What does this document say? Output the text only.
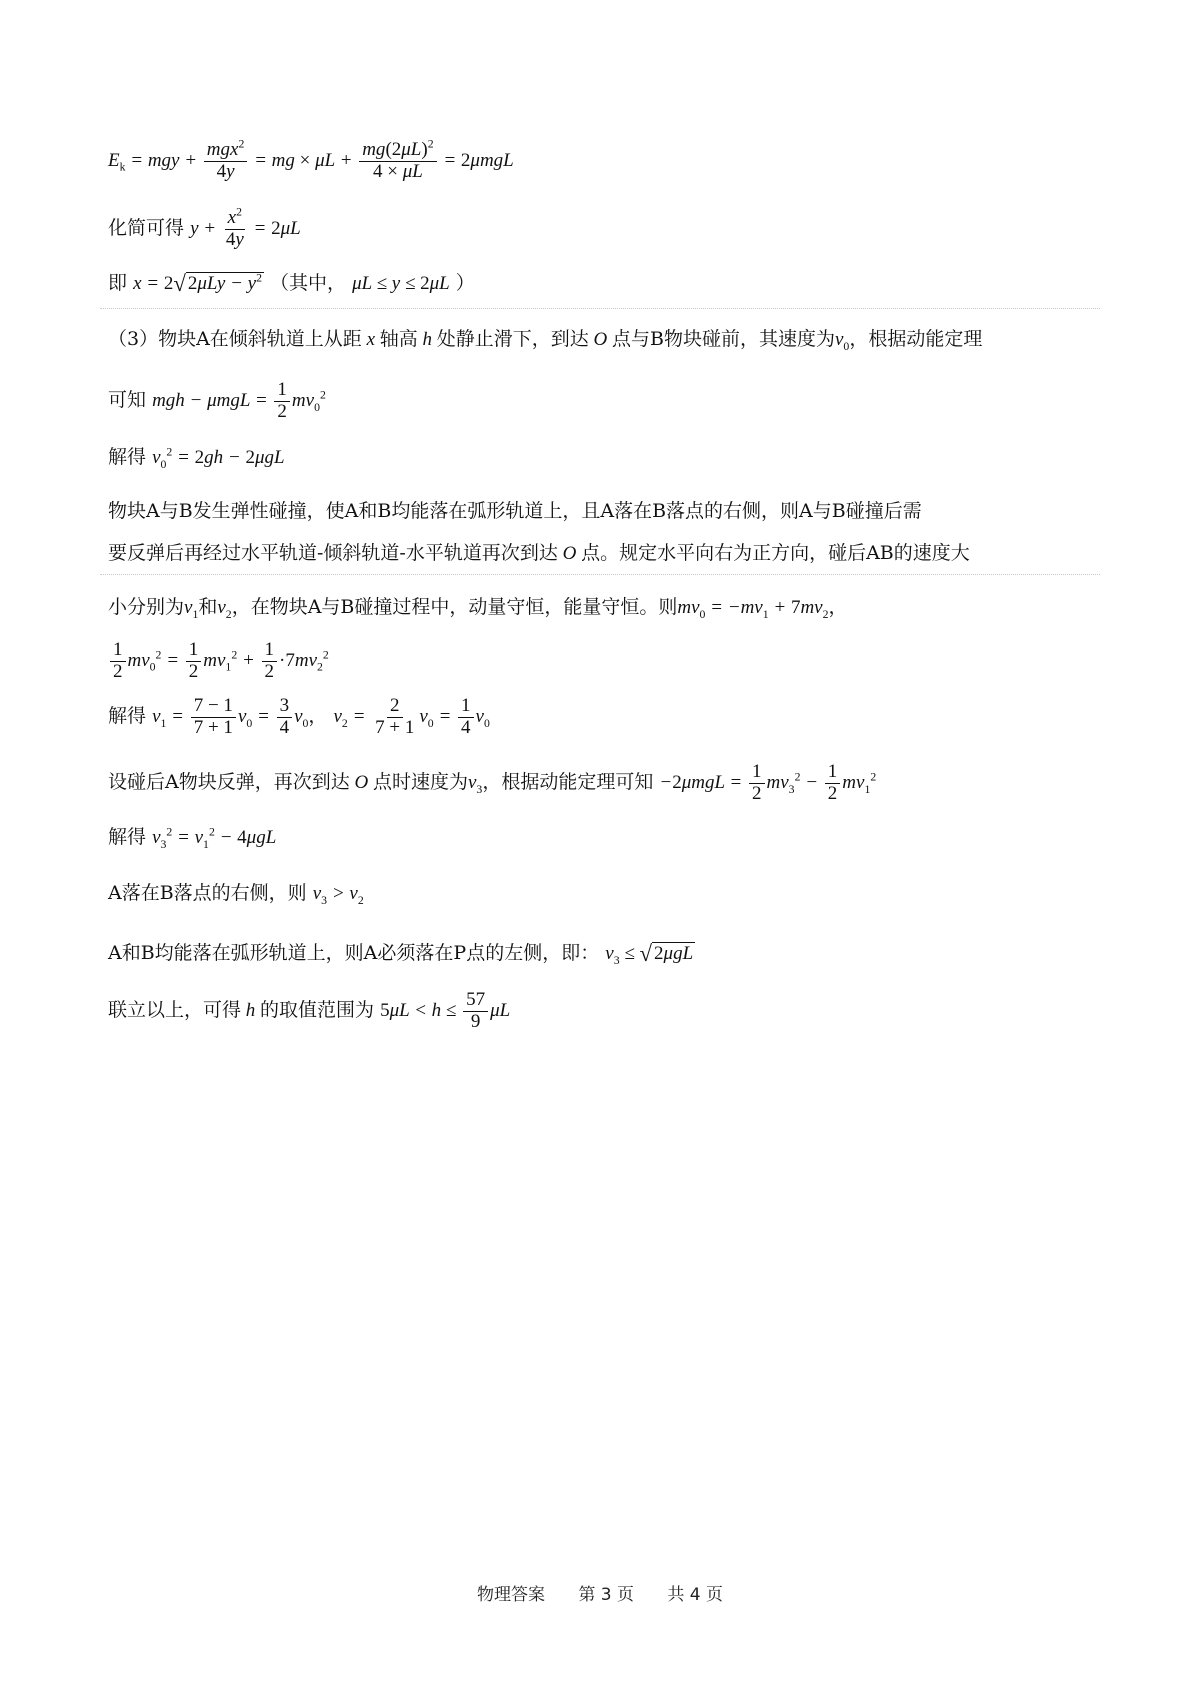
$E_k$ = mgy + $\frac{mgx^2}{4y}$ = mg × $\mu L + \frac{mg(2\mu L)^2}{4 \times \mu L} = 2\mu mgL$
化简可得 $y + \frac{x^2}{4y} = 2\mu L$
即 x = 2√ $2\mu Ly - y^2$ （其中， μL ≤ y ≤ 2μL ）
（3）物块A在倾斜轨道上从距 x 轴高 h 处静止滑下，到达 O 点与B物块碰前，其速度为$v_0$，根据动能定理
可知 mgh − $\mu mgL = \frac{1}{2} mv_0^2$
解得 $v_0^2 = 2gh - 2\mu gL$
物块A与B发生弹性碰撞，使A和B均能落在弧形轨道上，且A落在B落点的右侧，则A与B碰撞后需
要反弹后再经过水平轨道-倾斜轨道-水平轨道再次到达 O 点。规定水平向右为正方向，碰后AB的速度大
小分别为$v_1$和$v_2$，在物块A与B碰撞过程中，动量守恒，能量守恒。则$mv_0 = -mv_1 + 7mv_2$，
$\frac{1}{2} mv_0^2 = \frac{1}{2} mv_1^2 + \frac{1}{2} \cdot 7mv_2^2$
解得 $v_1 = \frac{7 - 1}{7 + 1} v_0 = \frac{3}{4} v_0$， $v_2 = \frac{2}{7 + 1} v_0 = \frac{1}{4} v_0$
设碰后A物块反弹，再次到达 O 点时速度为$v_3$，根据动能定理可知 $-2\mu mgL = \frac{1}{2} mv_3^2 - \frac{1}{2} mv_1^2$
解得 $v_3^2 = v_1^2 - 4\mu gL$
A落在B落点的右侧，则 $v_3 > v_2$
A和B均能落在弧形轨道上，则A必须落在P点的左侧，即： $v_3$ ≤ √ 2μgL
联立以上，可得 h 的取值范围为 $5\mu L < h \le \frac{57}{9}$ μL
物理答案 第 3 页 共 4 页
